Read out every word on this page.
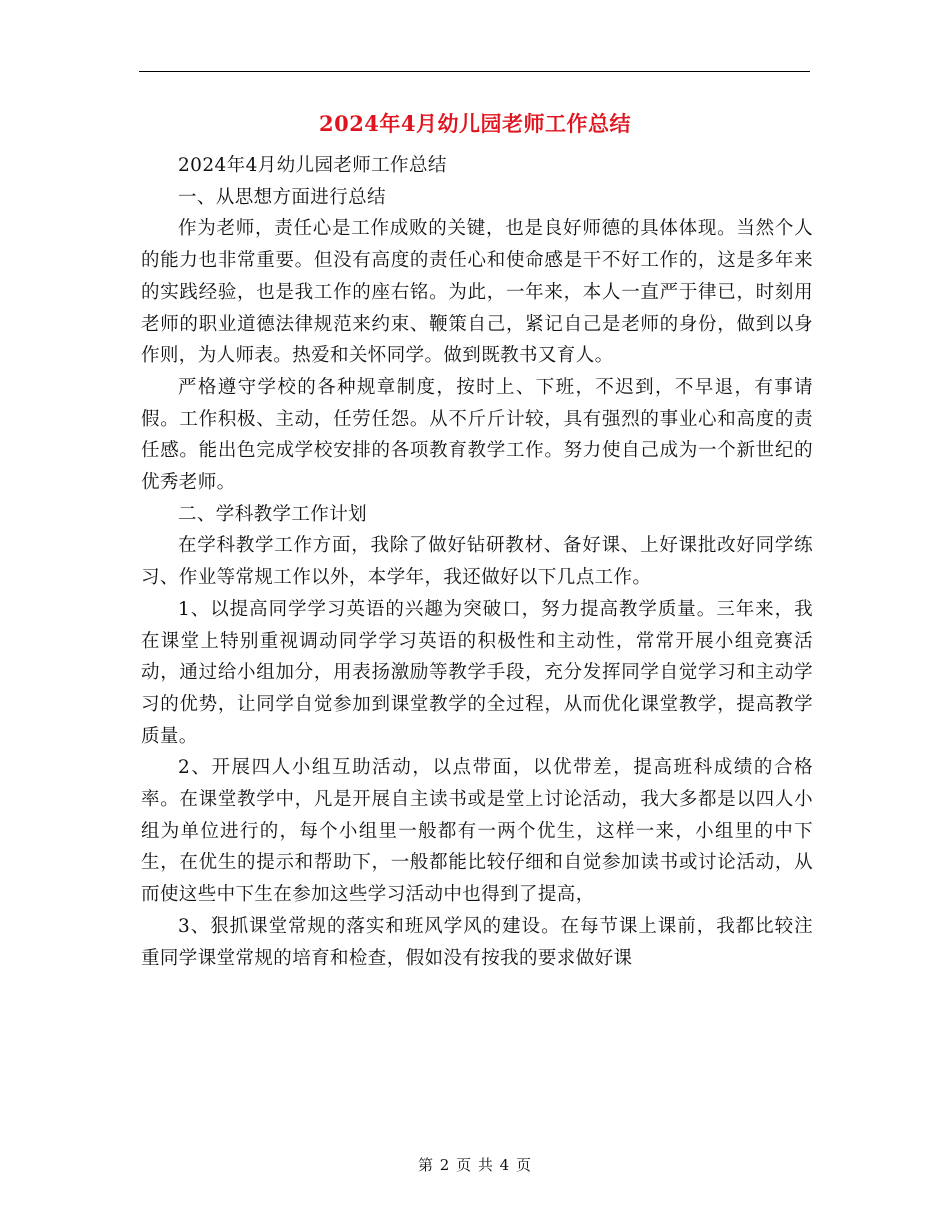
2024年4月幼儿园老师工作总结

2024年4月幼儿园老师工作总结

一、从思想方面进行总结

作为老师，责任心是工作成败的关键，也是良好师德的具体体现。当然个人的能力也非常重要。但没有高度的责任心和使命感是干不好工作的，这是多年来的实践经验，也是我工作的座右铭。为此，一年来，本人一直严于律已，时刻用老师的职业道德法律规范来约束、鞭策自己，紧记自己是老师的身份，做到以身作则，为人师表。热爱和关怀同学。做到既教书又育人。

严格遵守学校的各种规章制度，按时上、下班，不迟到，不早退，有事请假。工作积极、主动，任劳任怨。从不斤斤计较，具有强烈的事业心和高度的责任感。能出色完成学校安排的各项教育教学工作。努力使自己成为一个新世纪的优秀老师。

二、学科教学工作计划

在学科教学工作方面，我除了做好钻研教材、备好课、上好课批改好同学练习、作业等常规工作以外，本学年，我还做好以下几点工作。

1、以提高同学学习英语的兴趣为突破口，努力提高教学质量。三年来，我在课堂上特别重视调动同学学习英语的积极性和主动性，常常开展小组竞赛活动，通过给小组加分，用表扬激励等教学手段，充分发挥同学自觉学习和主动学习的优势，让同学自觉参加到课堂教学的全过程，从而优化课堂教学，提高教学质量。

2、开展四人小组互助活动，以点带面，以优带差，提高班科成绩的合格率。在课堂教学中，凡是开展自主读书或是堂上讨论活动，我大多都是以四人小组为单位进行的，每个小组里一般都有一两个优生，这样一来，小组里的中下生，在优生的提示和帮助下，一般都能比较仔细和自觉参加读书或讨论活动，从而使这些中下生在参加这些学习活动中也得到了提高，

3、狠抓课堂常规的落实和班风学风的建设。在每节课上课前，我都比较注重同学课堂常规的培育和检查，假如没有按我的要求做好课

第 2 页 共 4 页
